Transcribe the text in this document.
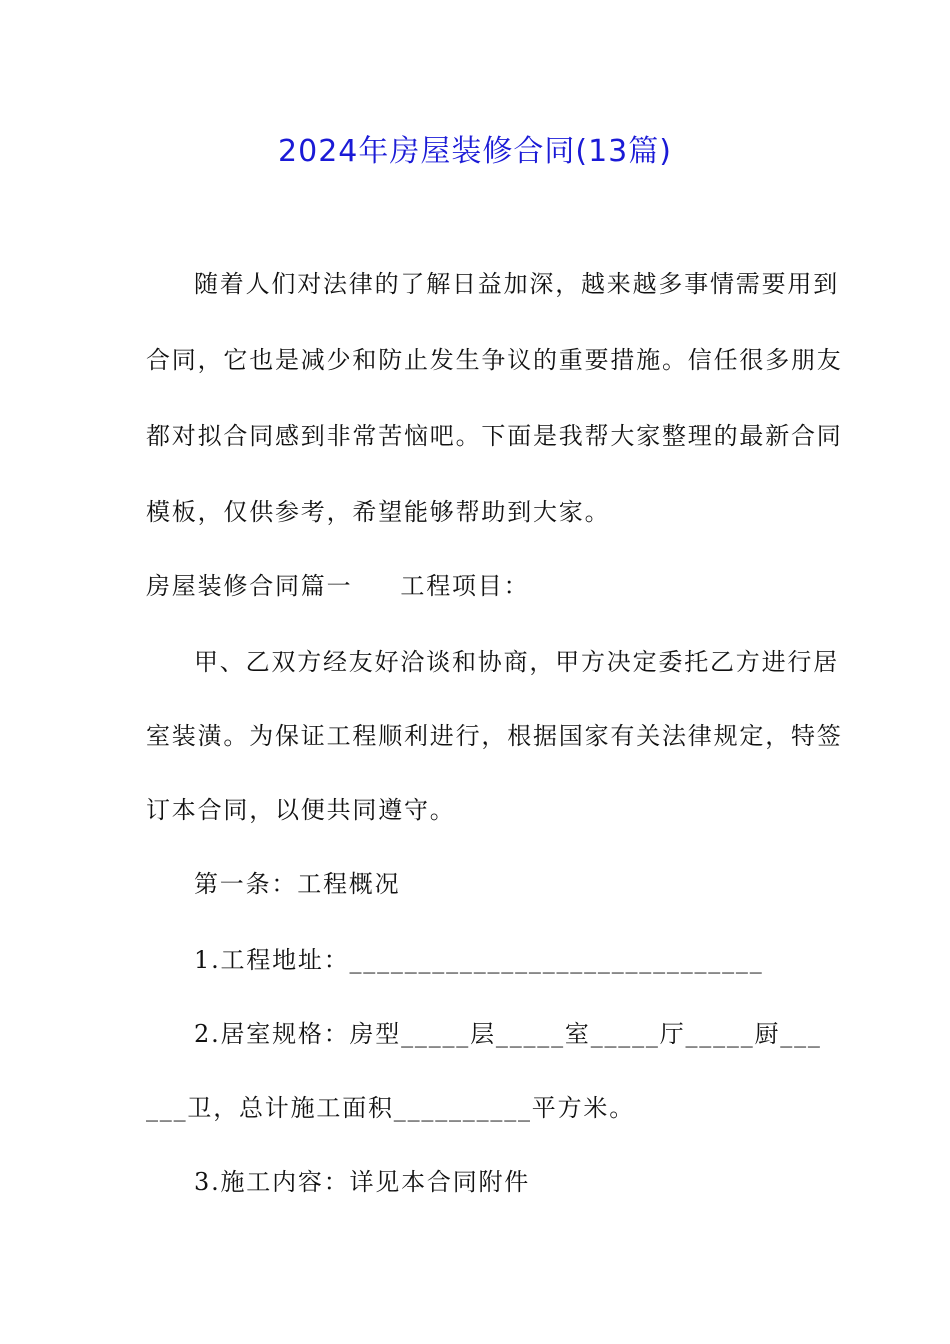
2024年房屋装修合同(13篇)
随着人们对法律的了解日益加深，越来越多事情需要用到
合同，它也是减少和防止发生争议的重要措施。信任很多朋友
都对拟合同感到非常苦恼吧。下面是我帮大家整理的最新合同
模板，仅供参考，希望能够帮助到大家。
房屋装修合同篇一 工程项目：
甲、乙双方经友好洽谈和协商，甲方决定委托乙方进行居
室装潢。为保证工程顺利进行，根据国家有关法律规定，特签
订本合同，以便共同遵守。
第一条：工程概况
1.工程地址：______________________________
2.居室规格：房型_____层_____室_____厅_____厨___
___卫，总计施工面积__________平方米。
3.施工内容：详见本合同附件
